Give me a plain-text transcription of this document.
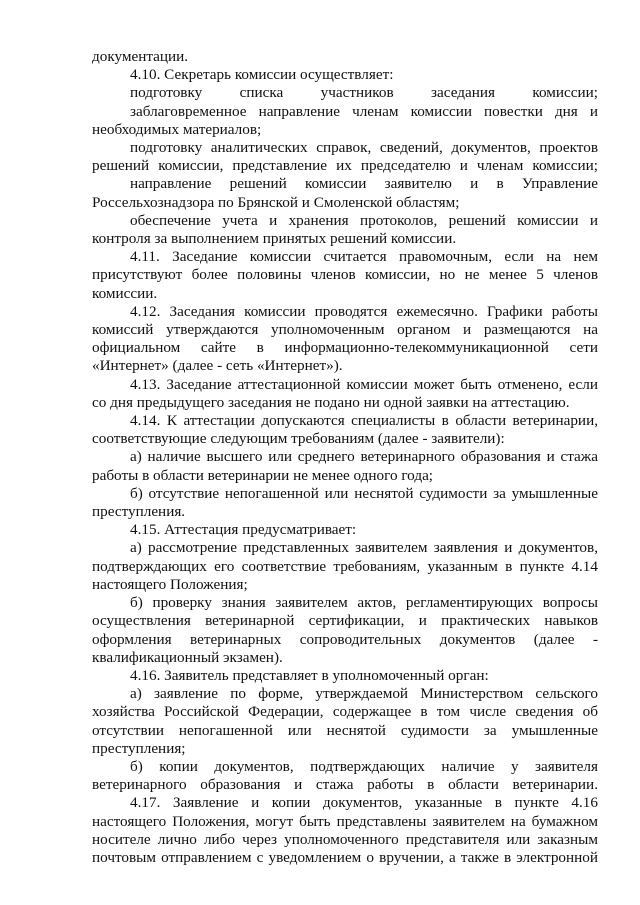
документации.

4.10. Секретарь комиссии осуществляет:

подготовку списка участников заседания комиссии;

заблаговременное направление членам комиссии повестки дня и необходимых материалов;

подготовку аналитических справок, сведений, документов, проектов решений комиссии, представление их председателю и членам комиссии;

направление решений комиссии заявителю и в Управление Россельхознадзора по Брянской и Смоленской областям;

обеспечение учета и хранения протоколов, решений комиссии и контроля за выполнением принятых решений комиссии.

4.11. Заседание комиссии считается правомочным, если на нем присутствуют более половины членов комиссии, но не менее 5 членов комиссии.

4.12. Заседания комиссии проводятся ежемесячно. Графики работы комиссий утверждаются уполномоченным органом и размещаются на официальном сайте в информационно-телекоммуникационной сети «Интернет» (далее - сеть «Интернет»).

4.13. Заседание аттестационной комиссии может быть отменено, если со дня предыдущего заседания не подано ни одной заявки на аттестацию.

4.14. К аттестации допускаются специалисты в области ветеринарии, соответствующие следующим требованиям (далее - заявители):

а) наличие высшего или среднего ветеринарного образования и стажа работы в области ветеринарии не менее одного года;

б) отсутствие непогашенной или неснятой судимости за умышленные преступления.

4.15. Аттестация предусматривает:

а) рассмотрение представленных заявителем заявления и документов, подтверждающих его соответствие требованиям, указанным в пункте 4.14 настоящего Положения;

б) проверку знания заявителем актов, регламентирующих вопросы осуществления ветеринарной сертификации, и практических навыков оформления ветеринарных сопроводительных документов (далее - квалификационный экзамен).

4.16. Заявитель представляет в уполномоченный орган:

а) заявление по форме, утверждаемой Министерством сельского хозяйства Российской Федерации, содержащее в том числе сведения об отсутствии непогашенной или неснятой судимости за умышленные преступления;

б) копии документов, подтверждающих наличие у заявителя ветеринарного образования и стажа работы в области ветеринарии.

4.17. Заявление и копии документов, указанные в пункте 4.16 настоящего Положения, могут быть представлены заявителем на бумажном носителе лично либо через уполномоченного представителя или заказным почтовым отправлением с уведомлением о вручении, а также в электронной
